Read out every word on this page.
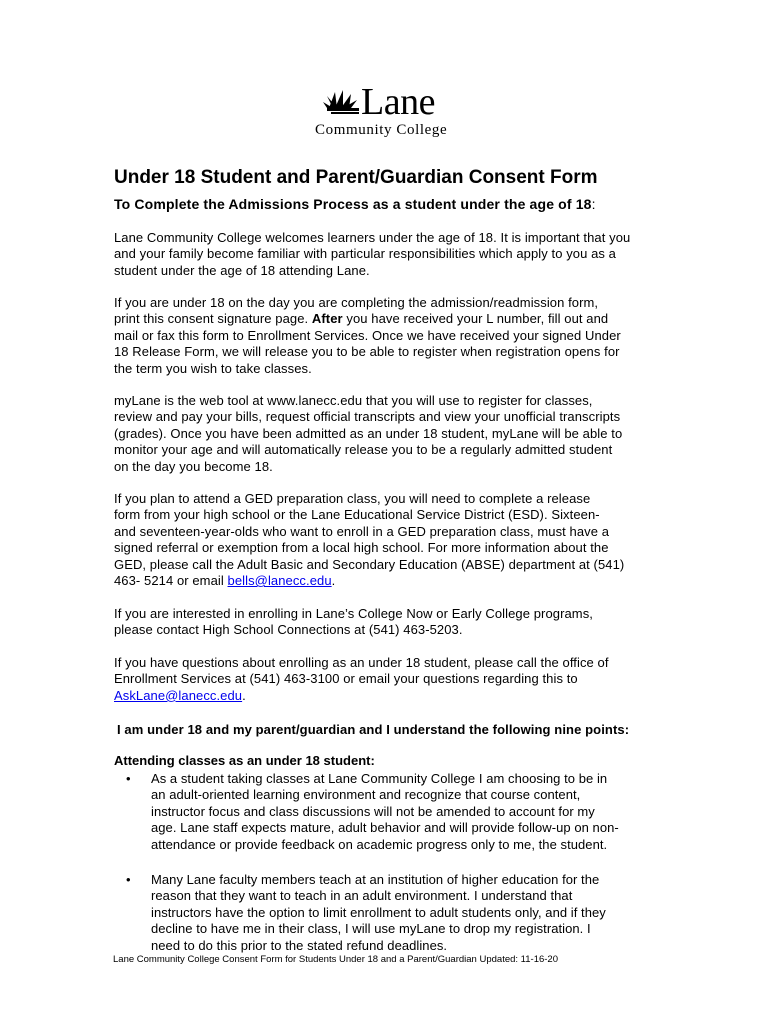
Lane
Community College
Under 18 Student and Parent/Guardian Consent Form

To Complete the Admissions Process as a student under the age of 18:

Lane Community College welcomes learners under the age of 18. It is important that you
and your family become familiar with particular responsibilities which apply to you as a
student under the age of 18 attending Lane.

If you are under 18 on the day you are completing the admission/readmission form,
print this consent signature page. After you have received your L number, fill out and
mail or fax this form to Enrollment Services. Once we have received your signed Under
18 Release Form, we will release you to be able to register when registration opens for
the term you wish to take classes.

myLane is the web tool at www.lanecc.edu that you will use to register for classes,
review and pay your bills, request official transcripts and view your unofficial transcripts
(grades). Once you have been admitted as an under 18 student, myLane will be able to
monitor your age and will automatically release you to be a regularly admitted student
on the day you become 18.

If you plan to attend a GED preparation class, you will need to complete a release
form from your high school or the Lane Educational Service District (ESD). Sixteen-
and seventeen-year-olds who want to enroll in a GED preparation class, must have a
signed referral or exemption from a local high school. For more information about the
GED, please call the Adult Basic and Secondary Education (ABSE) department at (541)
463- 5214 or email bells@lanecc.edu.

If you are interested in enrolling in Lane’s College Now or Early College programs,
please contact High School Connections at (541) 463-5203.

If you have questions about enrolling as an under 18 student, please call the office of
Enrollment Services at (541) 463-3100 or email your questions regarding this to
AskLane@lanecc.edu.

I am under 18 and my parent/guardian and I understand the following nine points:

Attending classes as an under 18 student:

• As a student taking classes at Lane Community College I am choosing to be in
an adult-oriented learning environment and recognize that course content,
instructor focus and class discussions will not be amended to account for my
age. Lane staff expects mature, adult behavior and will provide follow-up on non-
attendance or provide feedback on academic progress only to me, the student.
• Many Lane faculty members teach at an institution of higher education for the
reason that they want to teach in an adult environment. I understand that
instructors have the option to limit enrollment to adult students only, and if they
decline to have me in their class, I will use myLane to drop my registration. I
need to do this prior to the stated refund deadlines.

Lane Community College Consent Form for Students Under 18 and a Parent/Guardian Updated: 11-16-20
